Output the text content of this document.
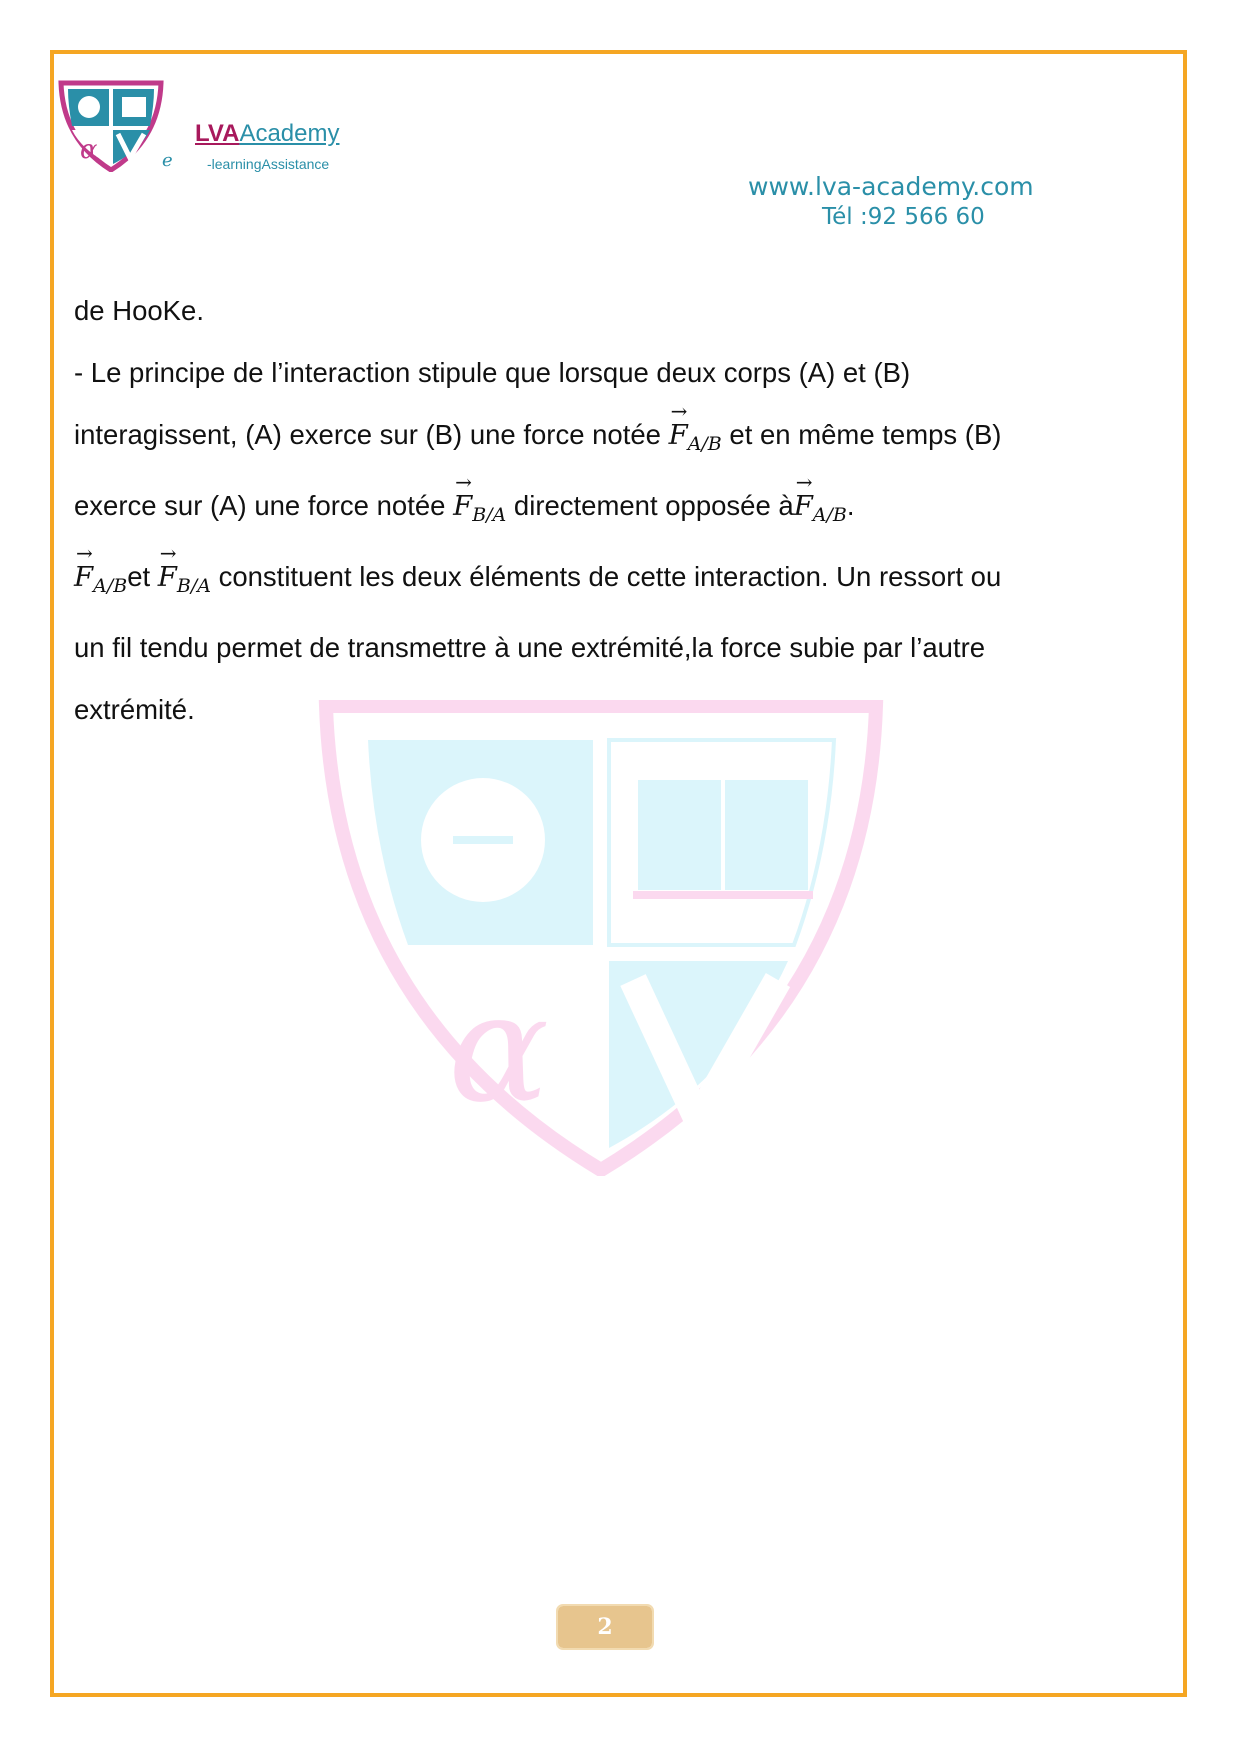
α
LVAAcademy
e -learningAssistance
www.lva-academy.com
Tél :92 566 60
α

de HooKe.

- Le principe de l’interaction stipule que lorsque deux corps (A) et (B)

interagissent, (A) exerce sur (B) une force notée
→
$F_{A/B}$ et en même temps (B)

exerce sur (A) une force notée
→
$F_{B/A}$ directement opposée à
→
$F_{A/B}$.

→
$F_{A/B}et$
→
$F_{B/A}$ constituent les deux éléments de cette interaction. Un ressort ou

un fil tendu permet de transmettre à une extrémité,la force subie par l’autre

extrémité.

2
